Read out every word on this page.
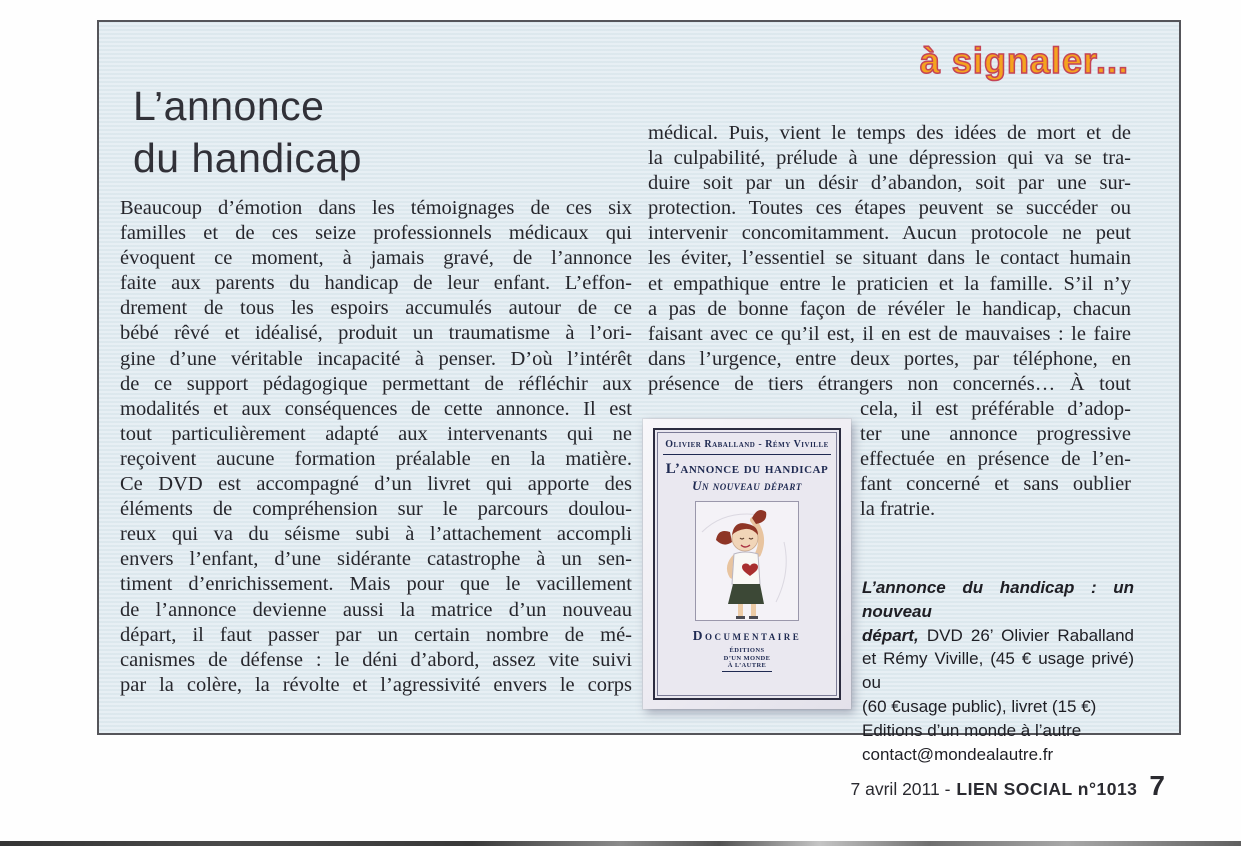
à signaler...
L’annonce
du handicap
Beaucoup d’émotion dans les témoignages de ces six
familles et de ces seize professionnels médicaux qui
évoquent ce moment, à jamais gravé, de l’annonce
faite aux parents du handicap de leur enfant. L’effon-
drement de tous les espoirs accumulés autour de ce
bébé rêvé et idéalisé, produit un traumatisme à l’ori-
gine d’une véritable incapacité à penser. D’où l’intérêt
de ce support pédagogique permettant de réfléchir aux
modalités et aux conséquences de cette annonce. Il est
tout particulièrement adapté aux intervenants qui ne
reçoivent aucune formation préalable en la matière.
Ce DVD est accompagné d’un livret qui apporte des
éléments de compréhension sur le parcours doulou-
reux qui va du séisme subi à l’attachement accompli
envers l’enfant, d’une sidérante catastrophe à un sen-
timent d’enrichissement. Mais pour que le vacillement
de l’annonce devienne aussi la matrice d’un nouveau
départ, il faut passer par un certain nombre de mé-
canismes de défense : le déni d’abord, assez vite suivi
par la colère, la révolte et l’agressivité envers le corps
médical. Puis, vient le temps des idées de mort et de
la culpabilité, prélude à une dépression qui va se tra-
duire soit par un désir d’abandon, soit par une sur-
protection. Toutes ces étapes peuvent se succéder ou
intervenir concomitamment. Aucun protocole ne peut
les éviter, l’essentiel se situant dans le contact humain
et empathique entre le praticien et la famille. S’il n’y
a pas de bonne façon de révéler le handicap, chacun
faisant avec ce qu’il est, il en est de mauvaises : le faire
dans l’urgence, entre deux portes, par téléphone, en
présence de tiers étrangers non concernés… À tout
cela, il est préférable d’adop-
ter une annonce progressive
effectuée en présence de l’en-
fant concerné et sans oublier
la fratrie.
Olivier Raballand - Rémy Viville
L’annonce du handicap
Un nouveau départ
Documentaire
ÉDITIONS
D’UN MONDE
À L’AUTRE
L’annonce du handicap : un nouveau
départ, DVD 26’ Olivier Raballand
et Rémy Viville, (45 € usage privé) ou
(60 €usage public), livret (15 €)
Editions d’un monde à l’autre
contact@mondealautre.fr
7 avril 2011 - LIEN SOCIAL n°1013 7
